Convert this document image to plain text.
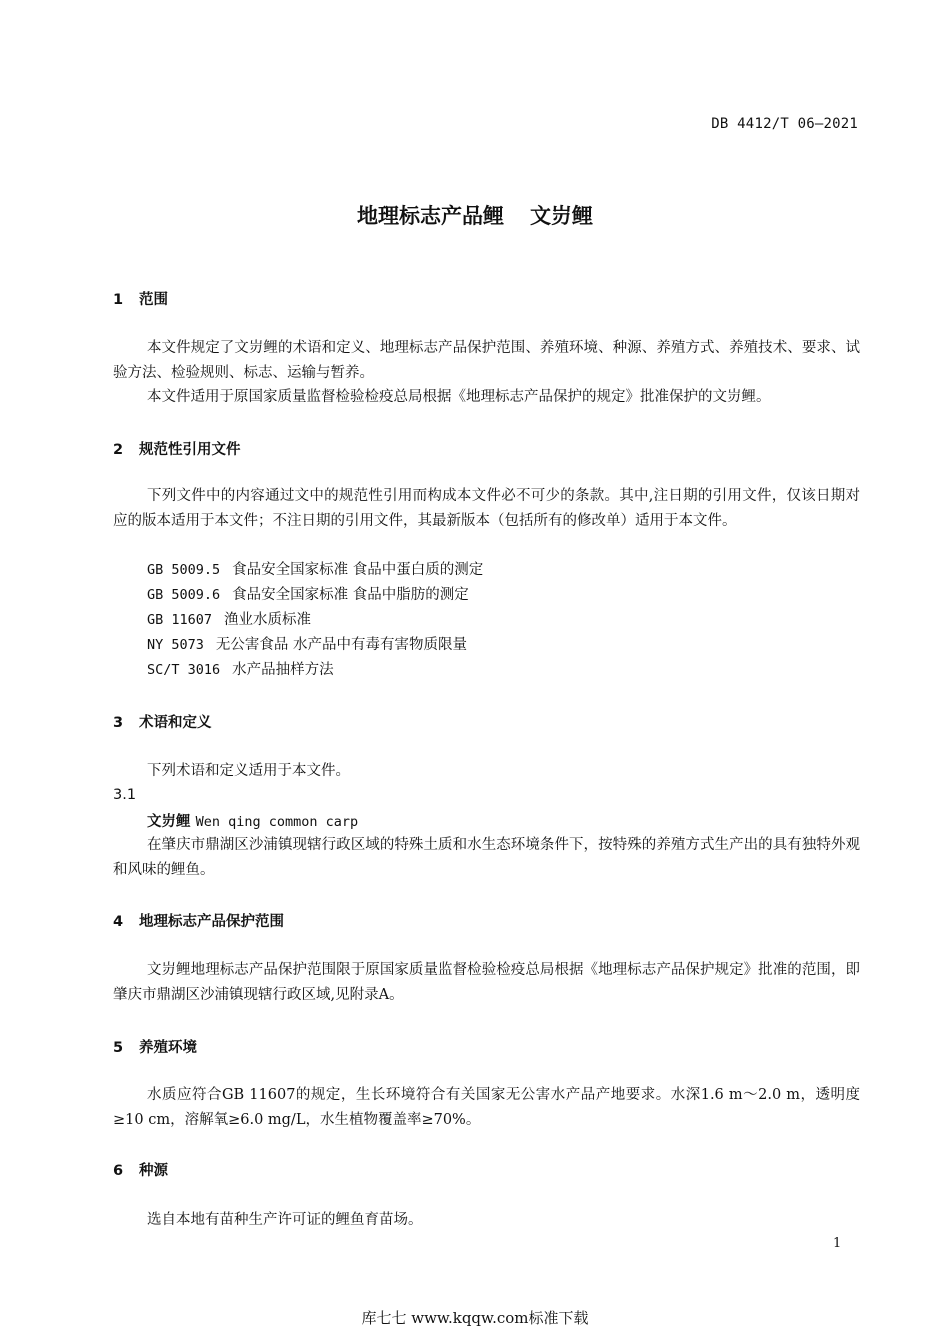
DB 4412/T 06—2021
地理标志产品鲤 文岃鲤
1 范围
本文件规定了文岃鲤的术语和定义、地理标志产品保护范围、养殖环境、种源、养殖方式、养殖技术、要求、试验方法、检验规则、标志、运输与暂养。
本文件适用于原国家质量监督检验检疫总局根据《地理标志产品保护的规定》批准保护的文岃鲤。
2 规范性引用文件
下列文件中的内容通过文中的规范性引用而构成本文件必不可少的条款。其中,注日期的引用文件，仅该日期对应的版本适用于本文件；不注日期的引用文件，其最新版本（包括所有的修改单）适用于本文件。
GB 5009.5 食品安全国家标准 食品中蛋白质的测定
GB 5009.6 食品安全国家标准 食品中脂肪的测定
GB 11607 渔业水质标准
NY 5073 无公害食品 水产品中有毒有害物质限量
SC/T 3016 水产品抽样方法
3 术语和定义
下列术语和定义适用于本文件。
3.1
文岃鲤 Wen qing common carp
在肇庆市鼎湖区沙浦镇现辖行政区域的特殊土质和水生态环境条件下，按特殊的养殖方式生产出的具有独特外观和风味的鲤鱼。
4 地理标志产品保护范围
文岃鲤地理标志产品保护范围限于原国家质量监督检验检疫总局根据《地理标志产品保护规定》批准的范围，即肇庆市鼎湖区沙浦镇现辖行政区域,见附录A。
5 养殖环境
水质应符合GB 11607的规定，生长环境符合有关国家无公害水产品产地要求。水深1.6 m～2.0 m，透明度≥10 cm，溶解氧≥6.0 mg/L，水生植物覆盖率≥70%。
6 种源
选自本地有苗种生产许可证的鲤鱼育苗场。
1
库七七 www.kqqw.com标准下载
